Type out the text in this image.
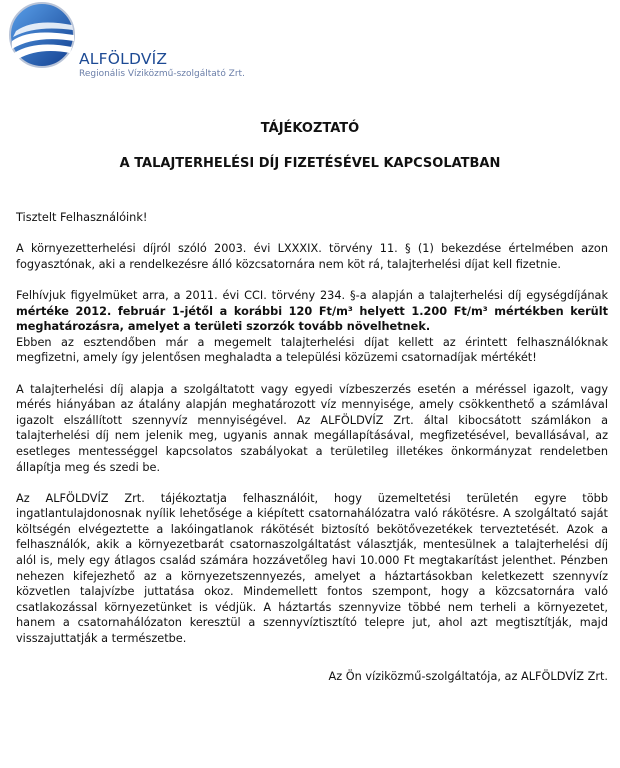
ALFÖLDVÍZ
Regionális Víziközmű-szolgáltató Zrt.
TÁJÉKOZTATÓ
A TALAJTERHELÉSI DÍJ FIZETÉSÉVEL KAPCSOLATBAN

Tisztelt Felhasználóink!

A környezetterhelési díjról szóló 2003. évi LXXXIX. törvény 11. § (1) bekezdése értelmében azon fogyasztónak, aki a rendelkezésre álló közcsatornára nem köt rá, talajterhelési díjat kell fizetnie.

Felhívjuk figyelmüket arra, a 2011. évi CCI. törvény 234. §-a alapján a talajterhelési díj egységdíjának mértéke 2012. február 1-jétől a korábbi 120 Ft/m³ helyett 1.200 Ft/m³ mértékben került meghatározásra, amelyet a területi szorzók tovább növelhetnek.

Ebben az esztendőben már a megemelt talajterhelési díjat kellett az érintett felhasználóknak megfizetni, amely így jelentősen meghaladta a települési közüzemi csatornadíjak mértékét!

A talajterhelési díj alapja a szolgáltatott vagy egyedi vízbeszerzés esetén a méréssel igazolt, vagy mérés hiányában az átalány alapján meghatározott víz mennyisége, amely csökkenthető a számlával igazolt elszállított szennyvíz mennyiségével. Az ALFÖLDVÍZ Zrt. által kibocsátott számlákon a talajterhelési díj nem jelenik meg, ugyanis annak megállapításával, megfizetésével, bevallásával, az esetleges mentességgel kapcsolatos szabályokat a területileg illetékes önkormányzat rendeletben állapítja meg és szedi be.

Az ALFÖLDVÍZ Zrt. tájékoztatja felhasználóit, hogy üzemeltetési területén egyre több ingatlantulajdonosnak nyílik lehetősége a kiépített csatornahálózatra való rákötésre. A szolgáltató saját költségén elvégeztette a lakóingatlanok rákötését biztosító bekötővezetékek terveztetését. Azok a felhasználók, akik a környezetbarát csatornaszolgáltatást választják, mentesülnek a talajterhelési díj alól is, mely egy átlagos család számára hozzávetőleg havi 10.000 Ft megtakarítást jelenthet. Pénzben nehezen kifejezhető az a környezetszennyezés, amelyet a háztartásokban keletkezett szennyvíz közvetlen talajvízbe juttatása okoz. Mindemellett fontos szempont, hogy a közcsatornára való csatlakozással környezetünket is védjük. A háztartás szennyvize többé nem terheli a környezetet, hanem a csatornahálózaton keresztül a szennyvíztisztító telepre jut, ahol azt megtisztítják, majd visszajuttatják a természetbe.

Az Ön víziközmű-szolgáltatója, az ALFÖLDVÍZ Zrt.
